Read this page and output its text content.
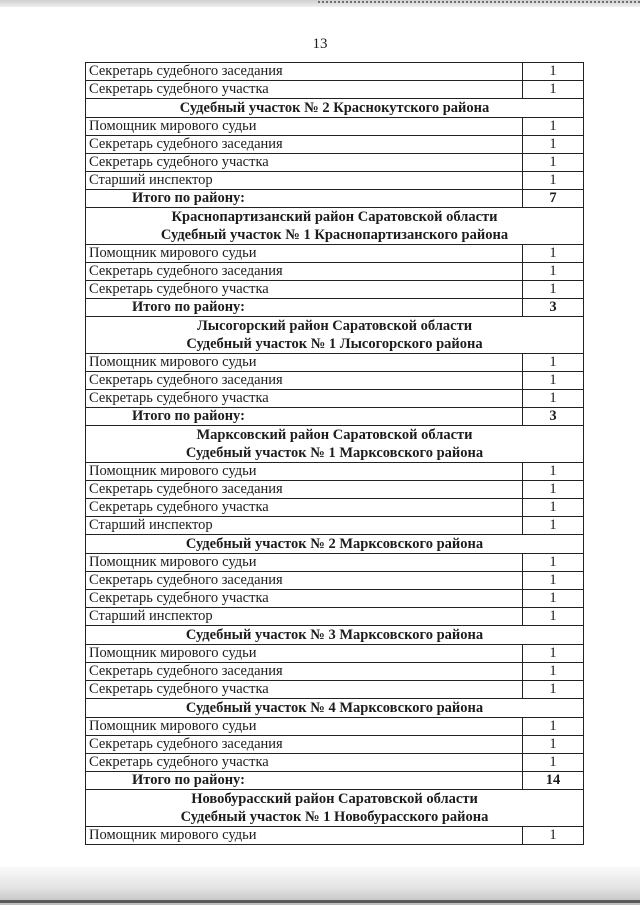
13
Секретарь судебного заседания	1
Секретарь судебного участка	1

Судебный участок № 2 Краснокутского района	

Помощник мирового судьи	1
Секретарь судебного заседания	1
Секретарь судебного участка	1
Старший инспектор	1
Итого по району:	7

Краснопартизанский район Саратовской области
Судебный участок № 1 Краснопартизанского района	

Помощник мирового судьи	1
Секретарь судебного заседания	1
Секретарь судебного участка	1
Итого по району:	3

Лысогорский район Саратовской области
Судебный участок № 1 Лысогорского района	

Помощник мирового судьи	1
Секретарь судебного заседания	1
Секретарь судебного участка	1
Итого по району:	3

Марксовский район Саратовской области
Судебный участок № 1 Марксовского района	

Помощник мирового судьи	1
Секретарь судебного заседания	1
Секретарь судебного участка	1
Старший инспектор	1

Судебный участок № 2 Марксовского района	

Помощник мирового судьи	1
Секретарь судебного заседания	1
Секретарь судебного участка	1
Старший инспектор	1

Судебный участок № 3 Марксовского района	

Помощник мирового судьи	1
Секретарь судебного заседания	1
Секретарь судебного участка	1

Судебный участок № 4 Марксовского района	

Помощник мирового судьи	1
Секретарь судебного заседания	1
Секретарь судебного участка	1
Итого по району:	14

Новобурасский район Саратовской области
Судебный участок № 1 Новобурасского района	

Помощник мирового судьи	1
